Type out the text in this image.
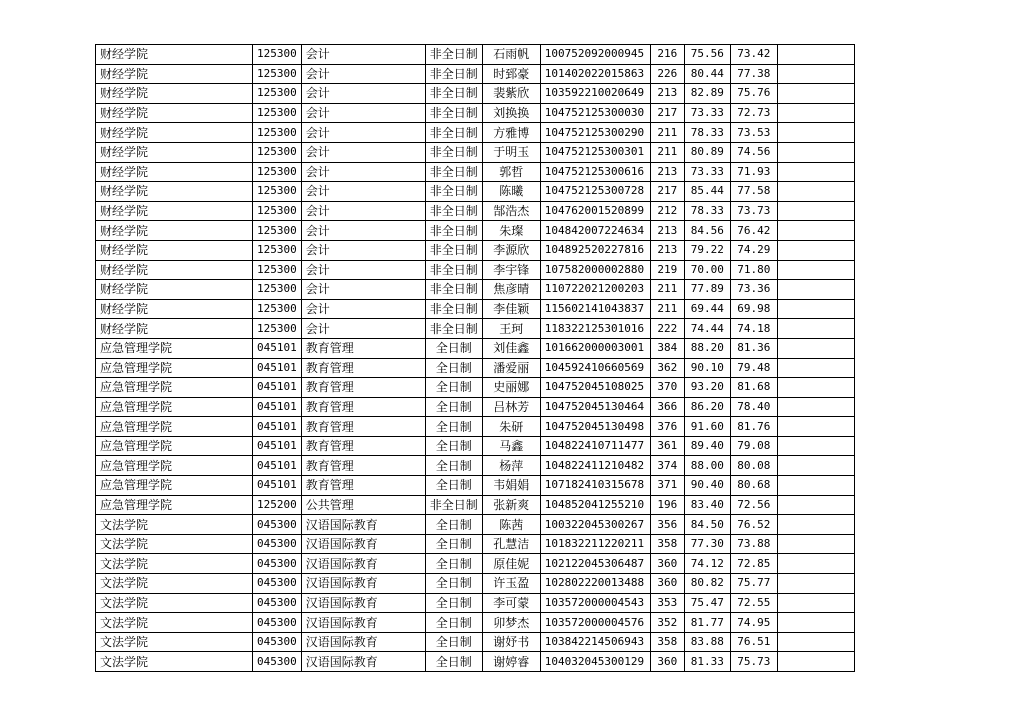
财经学院	125300	会计	非全日制	石雨帆	100752092000945	216	75.56	73.42	
财经学院	125300	会计	非全日制	时郅豪	101402022015863	226	80.44	77.38	
财经学院	125300	会计	非全日制	裴紫欣	103592210020649	213	82.89	75.76	
财经学院	125300	会计	非全日制	刘换换	104752125300030	217	73.33	72.73	
财经学院	125300	会计	非全日制	方雅博	104752125300290	211	78.33	73.53	
财经学院	125300	会计	非全日制	于明玉	104752125300301	211	80.89	74.56	
财经学院	125300	会计	非全日制	郭哲	104752125300616	213	73.33	71.93	
财经学院	125300	会计	非全日制	陈曦	104752125300728	217	85.44	77.58	
财经学院	125300	会计	非全日制	郜浩杰	104762001520899	212	78.33	73.73	
财经学院	125300	会计	非全日制	朱璨	104842007224634	213	84.56	76.42	
财经学院	125300	会计	非全日制	李源欣	104892520227816	213	79.22	74.29	
财经学院	125300	会计	非全日制	李宇锋	107582000002880	219	70.00	71.80	
财经学院	125300	会计	非全日制	焦彦晴	110722021200203	211	77.89	73.36	
财经学院	125300	会计	非全日制	李佳颖	115602141043837	211	69.44	69.98	
财经学院	125300	会计	非全日制	王珂	118322125301016	222	74.44	74.18	
应急管理学院	045101	教育管理	全日制	刘佳鑫	101662000003001	384	88.20	81.36	
应急管理学院	045101	教育管理	全日制	潘爱丽	104592410660569	362	90.10	79.48	
应急管理学院	045101	教育管理	全日制	史丽娜	104752045108025	370	93.20	81.68	
应急管理学院	045101	教育管理	全日制	吕林芳	104752045130464	366	86.20	78.40	
应急管理学院	045101	教育管理	全日制	朱研	104752045130498	376	91.60	81.76	
应急管理学院	045101	教育管理	全日制	马鑫	104822410711477	361	89.40	79.08	
应急管理学院	045101	教育管理	全日制	杨萍	104822411210482	374	88.00	80.08	
应急管理学院	045101	教育管理	全日制	韦娟娟	107182410315678	371	90.40	80.68	
应急管理学院	125200	公共管理	非全日制	张新爽	104852041255210	196	83.40	72.56	
文法学院	045300	汉语国际教育	全日制	陈茜	100322045300267	356	84.50	76.52	
文法学院	045300	汉语国际教育	全日制	孔慧洁	101832211220211	358	77.30	73.88	
文法学院	045300	汉语国际教育	全日制	原佳妮	102122045306487	360	74.12	72.85	
文法学院	045300	汉语国际教育	全日制	许玉盈	102802220013488	360	80.82	75.77	
文法学院	045300	汉语国际教育	全日制	李可蒙	103572000004543	353	75.47	72.55	
文法学院	045300	汉语国际教育	全日制	卯梦杰	103572000004576	352	81.77	74.95	
文法学院	045300	汉语国际教育	全日制	谢妤书	103842214506943	358	83.88	76.51	
文法学院	045300	汉语国际教育	全日制	谢婷睿	104032045300129	360	81.33	75.73	
